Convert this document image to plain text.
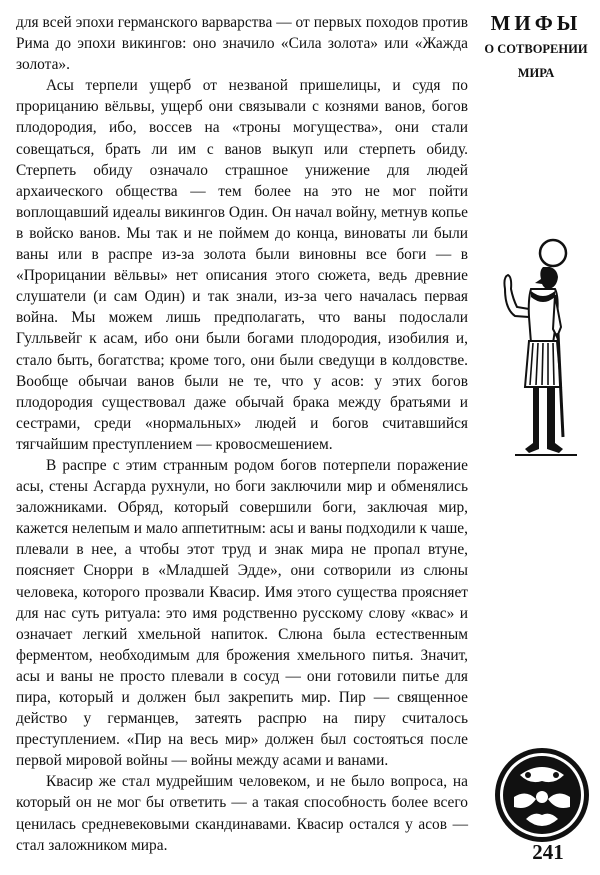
для всей эпохи германского варварства — от первых походов против Рима до эпохи викингов: оно значило «Сила золота» или «Жажда золота».

Асы терпели ущерб от незваной пришелицы, и судя по прорицанию вёльвы, ущерб они связывали с кознями ванов, богов плодородия, ибо, воссев на «троны могущества», они стали совещаться, брать ли им с ванов выкуп или стерпеть обиду. Стерпеть обиду означало страшное унижение для людей архаического общества — тем более на это не мог пойти воплощавший идеалы викингов Один. Он начал войну, метнув копье в войско ванов. Мы так и не поймем до конца, виноваты ли были ваны или в распре из-за золота были виновны все боги — в «Прорицании вёльвы» нет описания этого сюжета, ведь древние слушатели (и сам Один) и так знали, из-за чего началась первая война. Мы можем лишь предполагать, что ваны подослали Гулльвейг к асам, ибо они были богами плодородия, изобилия и, стало быть, богатства; кроме того, они были сведущи в колдовстве. Вообще обычаи ванов были не те, что у асов: у этих богов плодородия существовал даже обычай брака между братьями и сестрами, среди «нормальных» людей и богов считавшийся тягчайшим преступлением — кровосмешением.

В распре с этим странным родом богов потерпели поражение асы, стены Асгарда рухнули, но боги заключили мир и обменялись заложниками. Обряд, который совершили боги, заключая мир, кажется нелепым и мало аппетитным: асы и ваны подходили к чаше, плевали в нее, а чтобы этот труд и знак мира не пропал втуне, поясняет Снорри в «Младшей Эдде», они сотворили из слюны человека, которого прозвали Квасир. Имя этого существа проясняет для нас суть ритуала: это имя родственно русскому слову «квас» и означает легкий хмельной напиток. Слюна была естественным ферментом, необходимым для брожения хмельного питья. Значит, асы и ваны не просто плевали в сосуд — они готовили питье для пира, который и должен был закрепить мир. Пир — священное действо у германцев, затеять распрю на пиру считалось преступлением. «Пир на весь мир» должен был состояться после первой мировой войны — войны между асами и ванами.

Квасир же стал мудрейшим человеком, и не было вопроса, на который он не мог бы ответить — а такая способность более всего ценилась средневековыми скандинавами. Квасир остался у асов — стал заложником мира.

МИФЫ
О СОТВОРЕНИИ
МИРА
241
